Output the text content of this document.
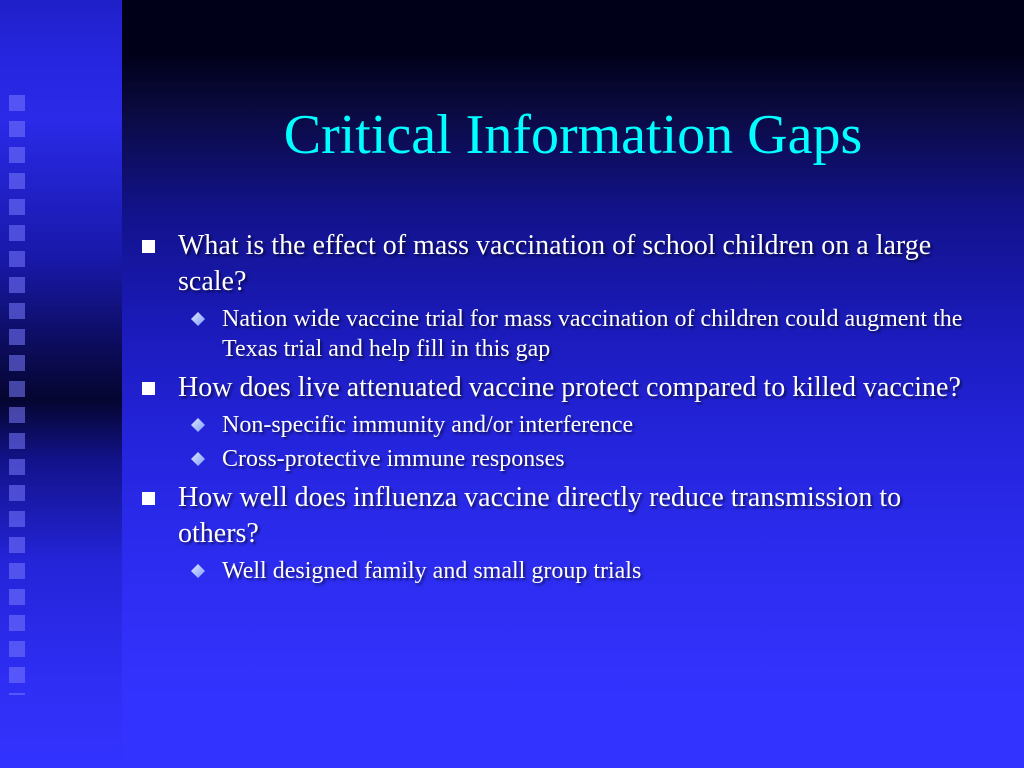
Critical Information Gaps
What is the effect of mass vaccination of school children on a large scale?
Nation wide vaccine trial for mass vaccination of children could augment the Texas trial and help fill in this gap
How does live attenuated vaccine protect compared to killed vaccine?
Non-specific immunity and/or interference
Cross-protective immune responses
How well does influenza vaccine directly reduce transmission to others?
Well designed family and small group trials
